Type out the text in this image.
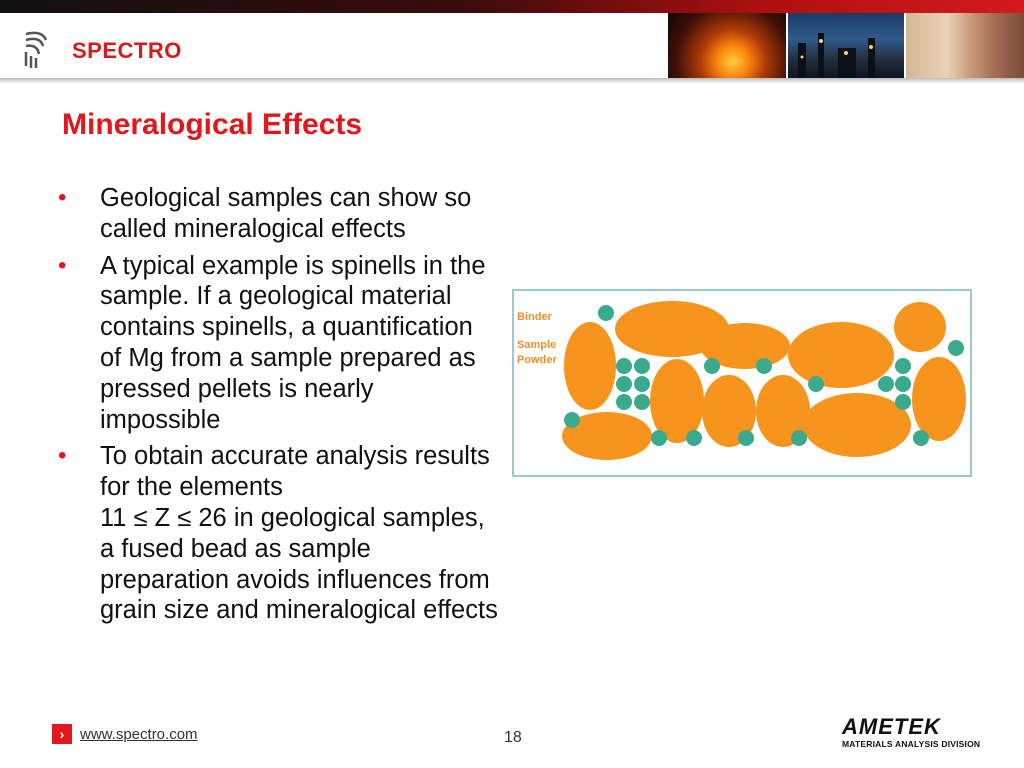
SPECTRO
Mineralogical Effects
• Geological samples can show so called mineralogical effects
• A typical example is spinells in the sample. If a geological material contains spinells, a quantification of Mg from a sample prepared as pressed pellets is nearly impossible
• To obtain accurate analysis results for the elements
11 ≤ Z ≤ 26 in geological samples, a fused bead as sample preparation avoids influences from grain size and mineralogical effects
Binder
Sample
Powder
›	www.spectro.com	18	AMETEK
MATERIALS ANALYSIS DIVISION
